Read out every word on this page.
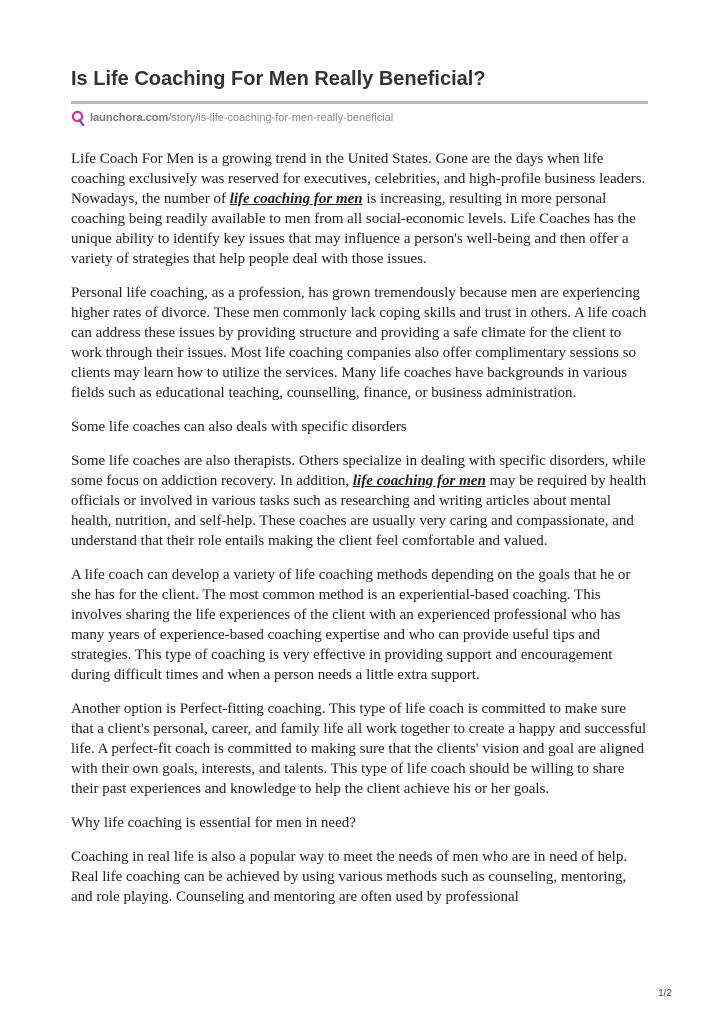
Is Life Coaching For Men Really Beneficial?
launchora.com /story/is-life-coaching-for-men-really-beneficial

Life Coach For Men is a growing trend in the United States. Gone are the days when life coaching exclusively was reserved for executives, celebrities, and high-profile business leaders. Nowadays, the number of life coaching for men is increasing, resulting in more personal coaching being readily available to men from all social-economic levels. Life Coaches has the unique ability to identify key issues that may influence a person's well-being and then offer a variety of strategies that help people deal with those issues.

Personal life coaching, as a profession, has grown tremendously because men are experiencing higher rates of divorce. These men commonly lack coping skills and trust in others. A life coach can address these issues by providing structure and providing a safe climate for the client to work through their issues. Most life coaching companies also offer complimentary sessions so clients may learn how to utilize the services. Many life coaches have backgrounds in various fields such as educational teaching, counselling, finance, or business administration.

Some life coaches can also deals with specific disorders

Some life coaches are also therapists. Others specialize in dealing with specific disorders, while some focus on addiction recovery. In addition, life coaching for men may be required by health officials or involved in various tasks such as researching and writing articles about mental health, nutrition, and self-help. These coaches are usually very caring and compassionate, and understand that their role entails making the client feel comfortable and valued.

A life coach can develop a variety of life coaching methods depending on the goals that he or she has for the client. The most common method is an experiential-based coaching. This involves sharing the life experiences of the client with an experienced professional who has many years of experience-based coaching expertise and who can provide useful tips and strategies. This type of coaching is very effective in providing support and encouragement during difficult times and when a person needs a little extra support.

Another option is Perfect-fitting coaching. This type of life coach is committed to make sure that a client's personal, career, and family life all work together to create a happy and successful life. A perfect-fit coach is committed to making sure that the clients' vision and goal are aligned with their own goals, interests, and talents. This type of life coach should be willing to share their past experiences and knowledge to help the client achieve his or her goals.

Why life coaching is essential for men in need?

Coaching in real life is also a popular way to meet the needs of men who are in need of help. Real life coaching can be achieved by using various methods such as counseling, mentoring, and role playing. Counseling and mentoring are often used by professional

1/2
